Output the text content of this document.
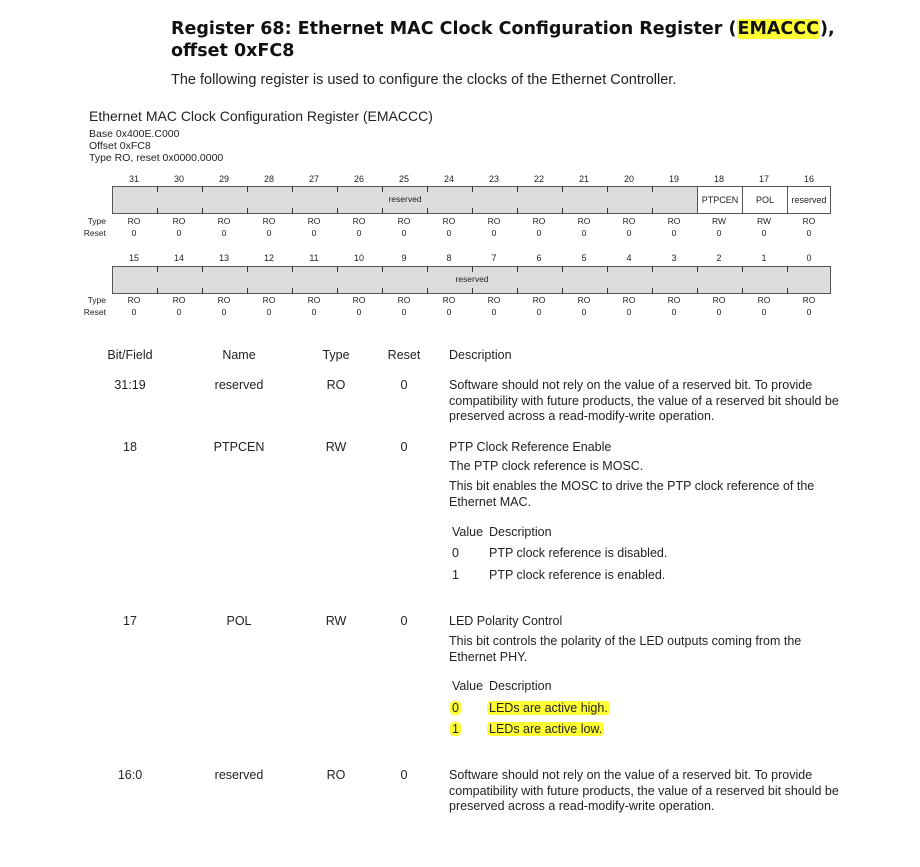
Register 68: Ethernet MAC Clock Configuration Register (EMACCC), offset 0xFC8
The following register is used to configure the clocks of the Ethernet Controller.
Ethernet MAC Clock Configuration Register (EMACCC)
Base 0x400E.C000
Offset 0xFC8
Type RO, reset 0x0000.0000
31	30	29	28	27	26	25	24	23	22	21	20	19	18	17	16
reserved	PTPCEN	POL	reserved
Type
Reset
RO	RO	RO	RO	RO	RO	RO	RO	RO	RO	RO	RO	RO	RW	RW	RO
0	0	0	0	0	0	0	0	0	0	0	0	0	0	0	0
15	14	13	12	11	10	9	8	7	6	5	4	3	2	1	0
reserved
Type
Reset
RO	RO	RO	RO	RO	RO	RO	RO	RO	RO	RO	RO	RO	RO	RO	RO
0	0	0	0	0	0	0	0	0	0	0	0	0	0	0	0
Bit/Field	Name	Type	Reset	Description
31:19	reserved	RO	0	Software should not rely on the value of a reserved bit. To provide compatibility with future products, the value of a reserved bit should be preserved across a read-modify-write operation.
18	PTPCEN	RW	0	PTP Clock Reference Enable
The PTP clock reference is MOSC.
This bit enables the MOSC to drive the PTP clock reference of the Ethernet MAC.
Value Description
0 PTP clock reference is disabled.
1 PTP clock reference is enabled.
17	POL	RW	0	LED Polarity Control
This bit controls the polarity of the LED outputs coming from the Ethernet PHY.
Value Description
0 LEDs are active high.
1 LEDs are active low.
16:0	reserved	RO	0	Software should not rely on the value of a reserved bit. To provide compatibility with future products, the value of a reserved bit should be preserved across a read-modify-write operation.
